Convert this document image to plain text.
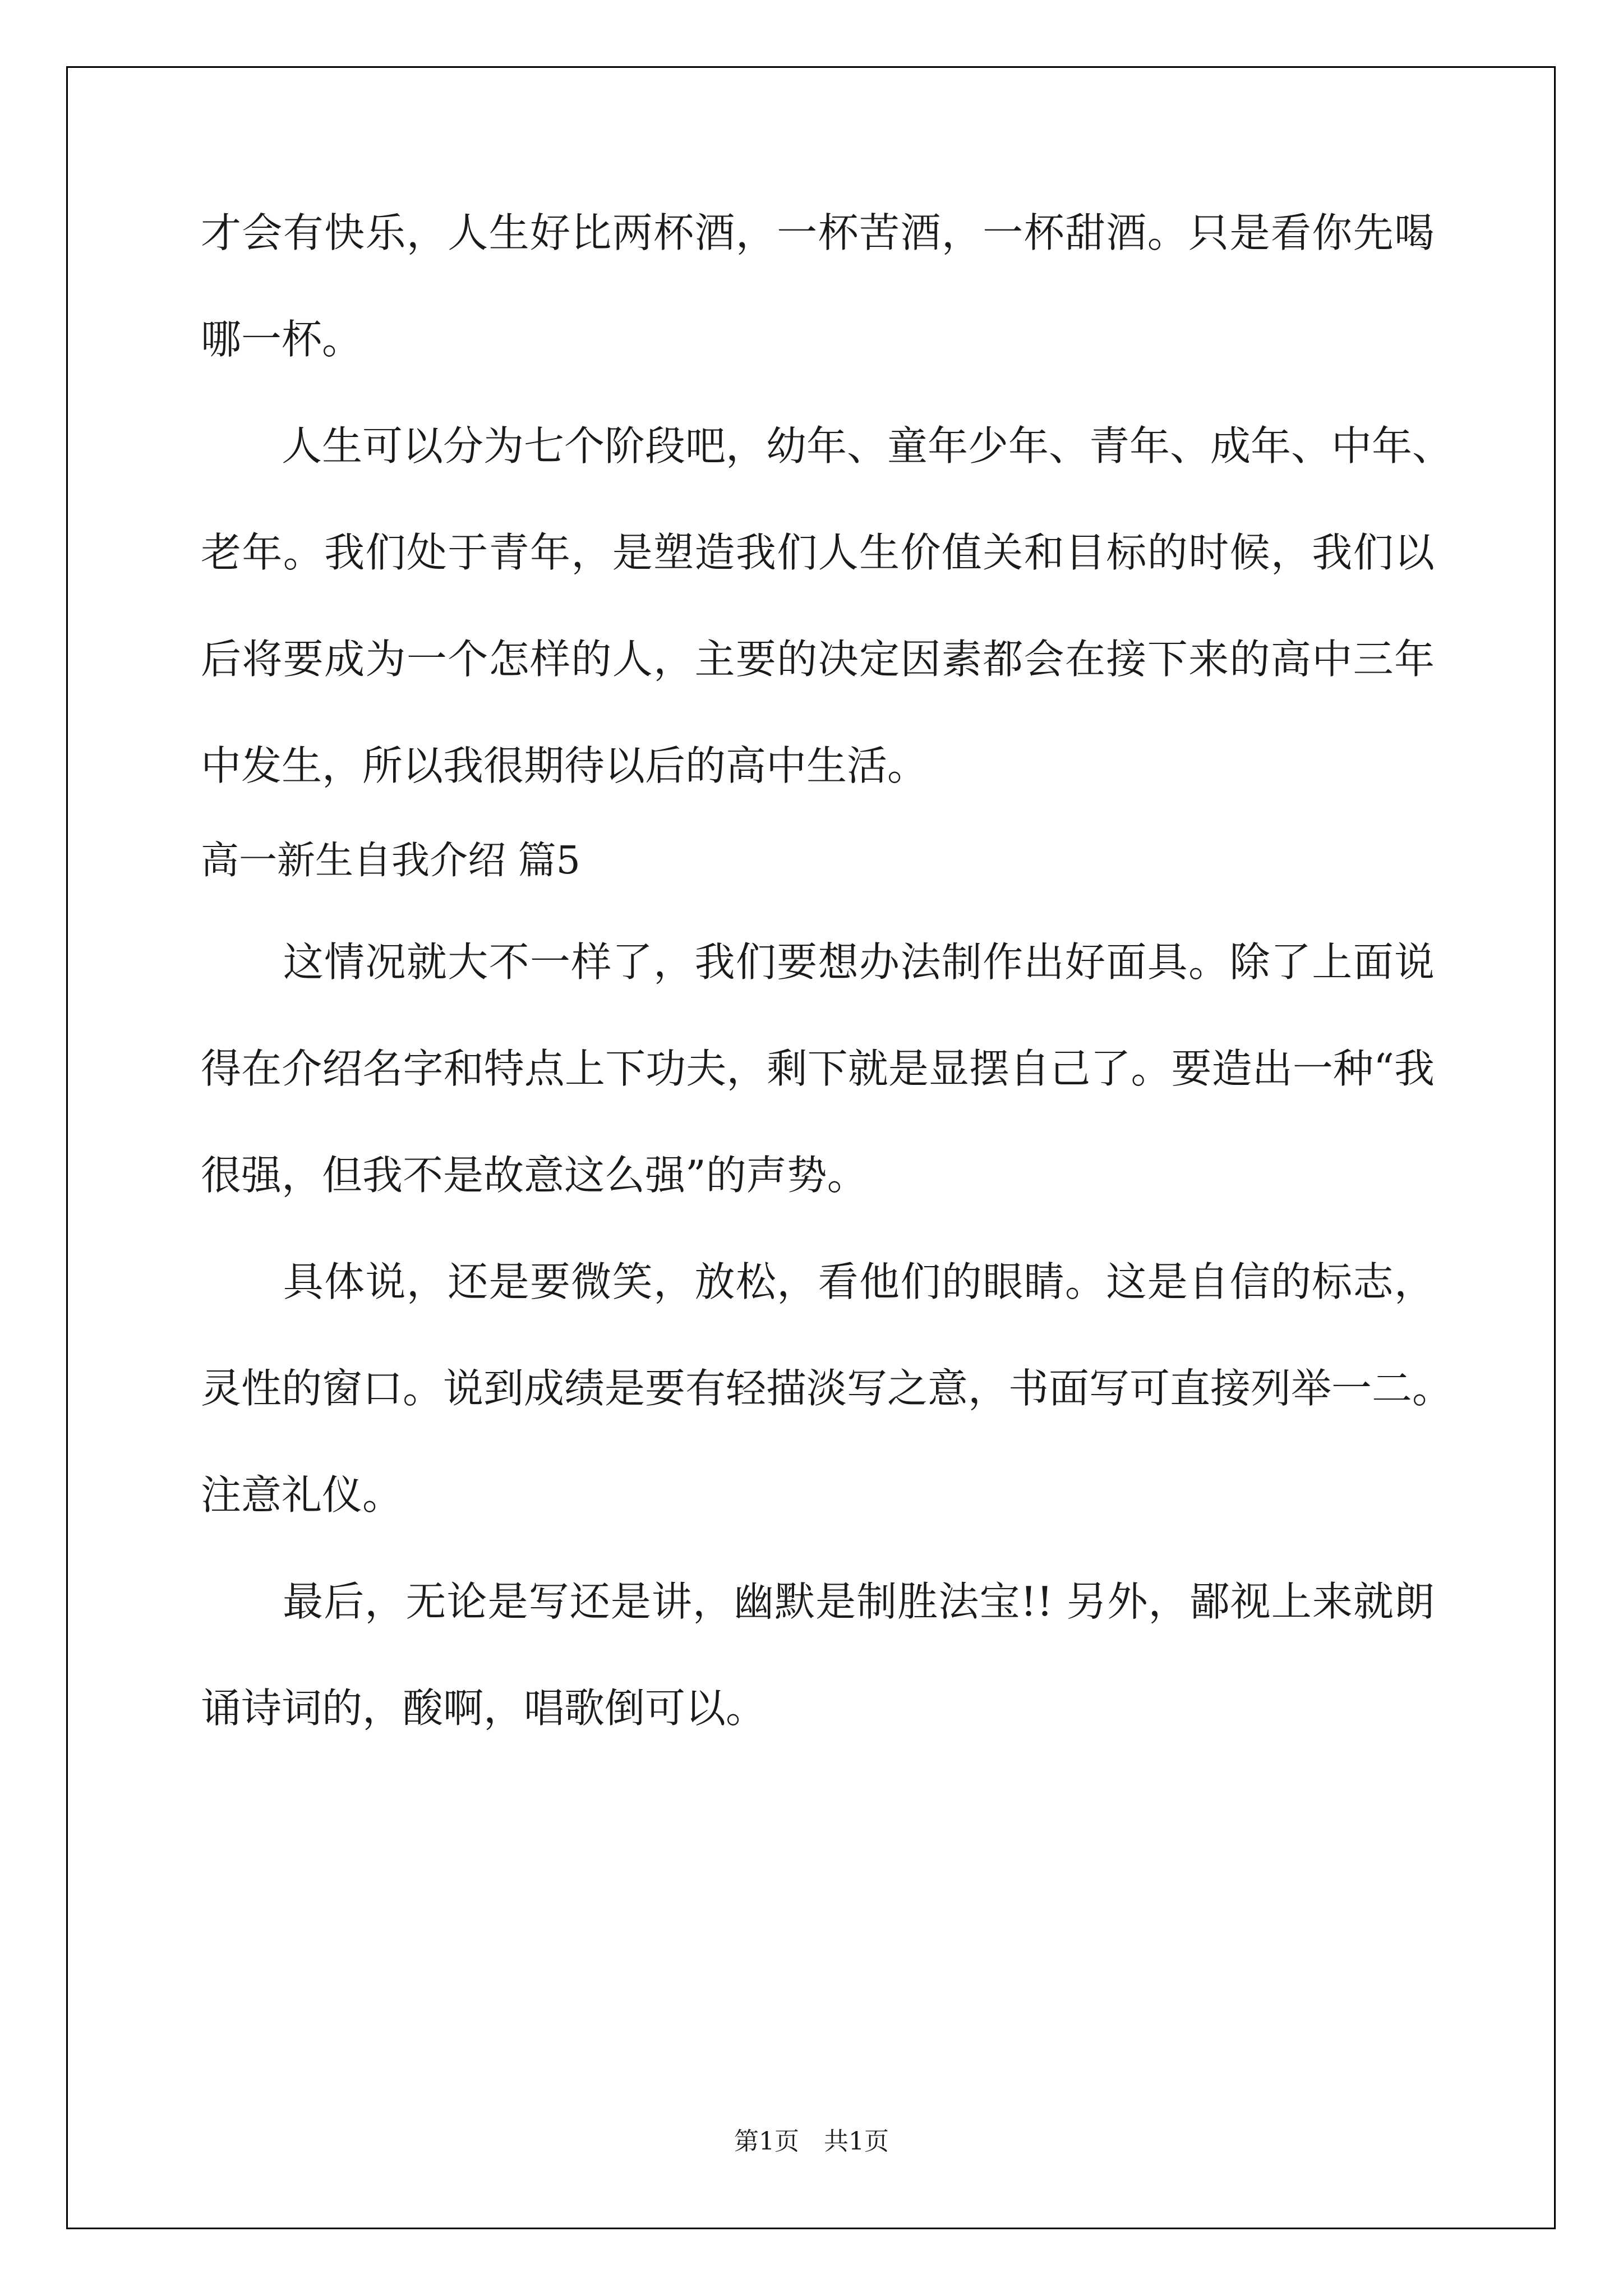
才会有快乐，人生好比两杯酒，一杯苦酒，一杯甜酒。只是看你先喝
哪一杯。
　　人生可以分为七个阶段吧，幼年、童年少年、青年、成年、中年、
老年。我们处于青年，是塑造我们人生价值关和目标的时候，我们以
后将要成为一个怎样的人，主要的决定因素都会在接下来的高中三年
中发生，所以我很期待以后的高中生活。
高一新生自我介绍 篇5
　　这情况就大不一样了，我们要想办法制作出好面具。除了上面说
得在介绍名字和特点上下功夫，剩下就是显摆自己了。要造出一种“我
很强，但我不是故意这么强”的声势。
　　具体说，还是要微笑，放松，看他们的眼睛。这是自信的标志，
灵性的窗口。说到成绩是要有轻描淡写之意，书面写可直接列举一二。
注意礼仪。
　　最后，无论是写还是讲，幽默是制胜法宝!! 另外，鄙视上来就朗
诵诗词的，酸啊，唱歌倒可以。
第1页　共1页
